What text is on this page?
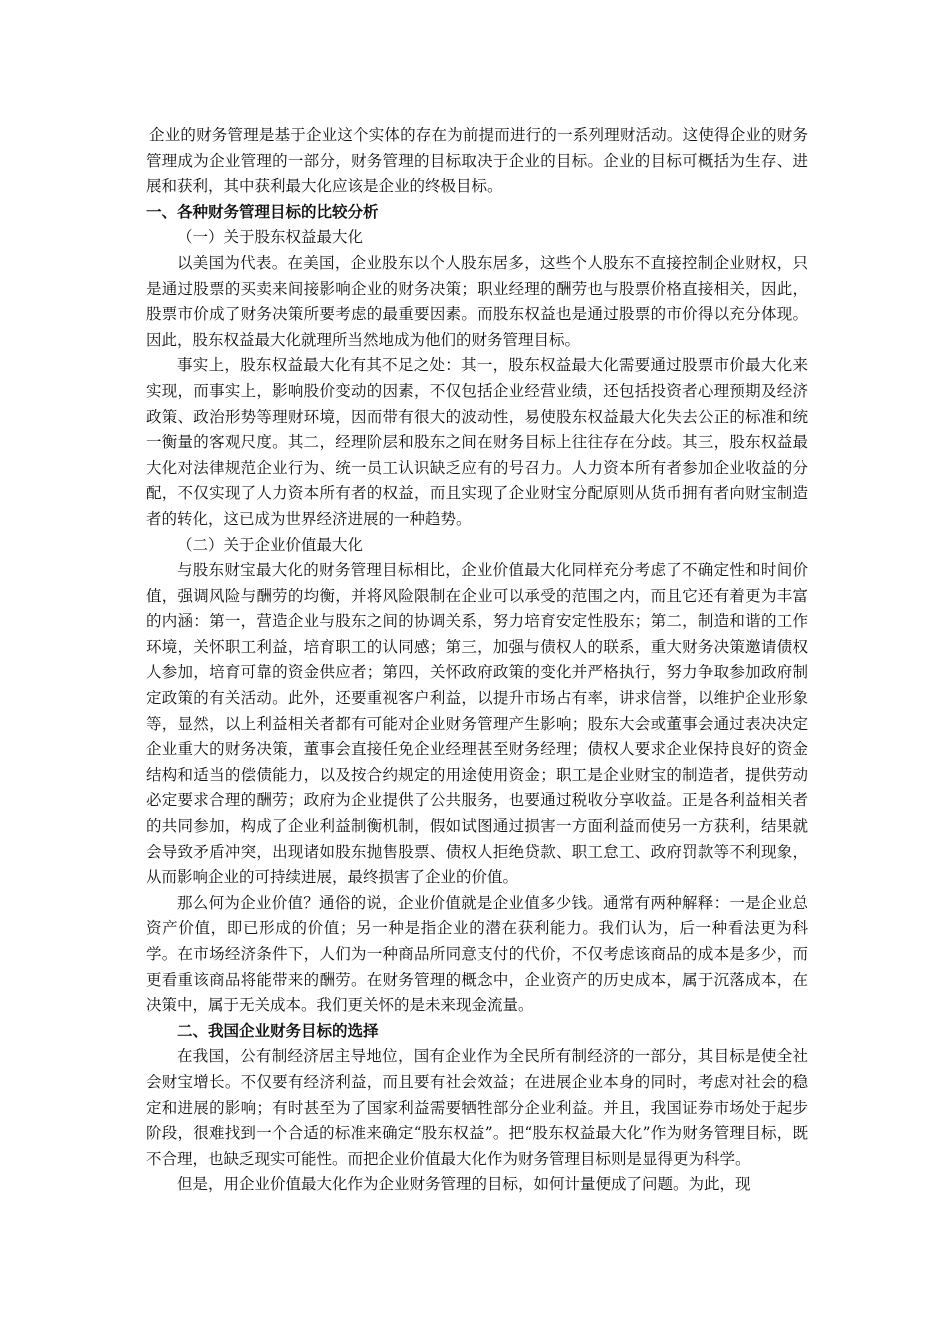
企业的财务管理是基于企业这个实体的存在为前提而进行的一系列理财活动。这使得企业的财务管理成为企业管理的一部分，财务管理的目标取决于企业的目标。企业的目标可概括为生存、进展和获利，其中获利最大化应该是企业的终极目标。

一、各种财务管理目标的比较分析

（一）关于股东权益最大化

以美国为代表。在美国，企业股东以个人股东居多，这些个人股东不直接控制企业财权，只是通过股票的买卖来间接影响企业的财务决策；职业经理的酬劳也与股票价格直接相关，因此，股票市价成了财务决策所要考虑的最重要因素。而股东权益也是通过股票的市价得以充分体现。因此，股东权益最大化就理所当然地成为他们的财务管理目标。

事实上，股东权益最大化有其不足之处：其一，股东权益最大化需要通过股票市价最大化来实现，而事实上，影响股价变动的因素，不仅包括企业经营业绩，还包括投资者心理预期及经济政策、政治形势等理财环境，因而带有很大的波动性，易使股东权益最大化失去公正的标准和统一衡量的客观尺度。其二，经理阶层和股东之间在财务目标上往往存在分歧。其三，股东权益最大化对法律规范企业行为、统一员工认识缺乏应有的号召力。人力资本所有者参加企业收益的分配，不仅实现了人力资本所有者的权益，而且实现了企业财宝分配原则从货币拥有者向财宝制造者的转化，这已成为世界经济进展的一种趋势。

（二）关于企业价值最大化

与股东财宝最大化的财务管理目标相比，企业价值最大化同样充分考虑了不确定性和时间价值，强调风险与酬劳的均衡，并将风险限制在企业可以承受的范围之内，而且它还有着更为丰富的内涵：第一，营造企业与股东之间的协调关系，努力培育安定性股东；第二，制造和谐的工作环境，关怀职工利益，培育职工的认同感；第三，加强与债权人的联系，重大财务决策邀请债权人参加，培育可靠的资金供应者；第四，关怀政府政策的变化并严格执行，努力争取参加政府制定政策的有关活动。此外，还要重视客户利益，以提升市场占有率，讲求信誉，以维护企业形象等，显然，以上利益相关者都有可能对企业财务管理产生影响；股东大会或董事会通过表决决定企业重大的财务决策，董事会直接任免企业经理甚至财务经理；债权人要求企业保持良好的资金结构和适当的偿债能力，以及按合约规定的用途使用资金；职工是企业财宝的制造者，提供劳动必定要求合理的酬劳；政府为企业提供了公共服务，也要通过税收分享收益。正是各利益相关者的共同参加，构成了企业利益制衡机制，假如试图通过损害一方面利益而使另一方获利，结果就会导致矛盾冲突，出现诸如股东抛售股票、债权人拒绝贷款、职工怠工、政府罚款等不利现象，从而影响企业的可持续进展，最终损害了企业的价值。

那么何为企业价值？通俗的说，企业价值就是企业值多少钱。通常有两种解释：一是企业总资产价值，即已形成的价值；另一种是指企业的潜在获利能力。我们认为，后一种看法更为科学。在市场经济条件下，人们为一种商品所同意支付的代价，不仅考虑该商品的成本是多少，而更看重该商品将能带来的酬劳。在财务管理的概念中，企业资产的历史成本，属于沉落成本，在决策中，属于无关成本。我们更关怀的是未来现金流量。

二、我国企业财务目标的选择

在我国，公有制经济居主导地位，国有企业作为全民所有制经济的一部分，其目标是使全社会财宝增长。不仅要有经济利益，而且要有社会效益；在进展企业本身的同时，考虑对社会的稳定和进展的影响；有时甚至为了国家利益需要牺牲部分企业利益。并且，我国证券市场处于起步阶段，很难找到一个合适的标准来确定“股东权益”。把“股东权益最大化”作为财务管理目标，既不合理，也缺乏现实可能性。而把企业价值最大化作为财务管理目标则是显得更为科学。

但是，用企业价值最大化作为企业财务管理的目标，如何计量便成了问题。为此，现
